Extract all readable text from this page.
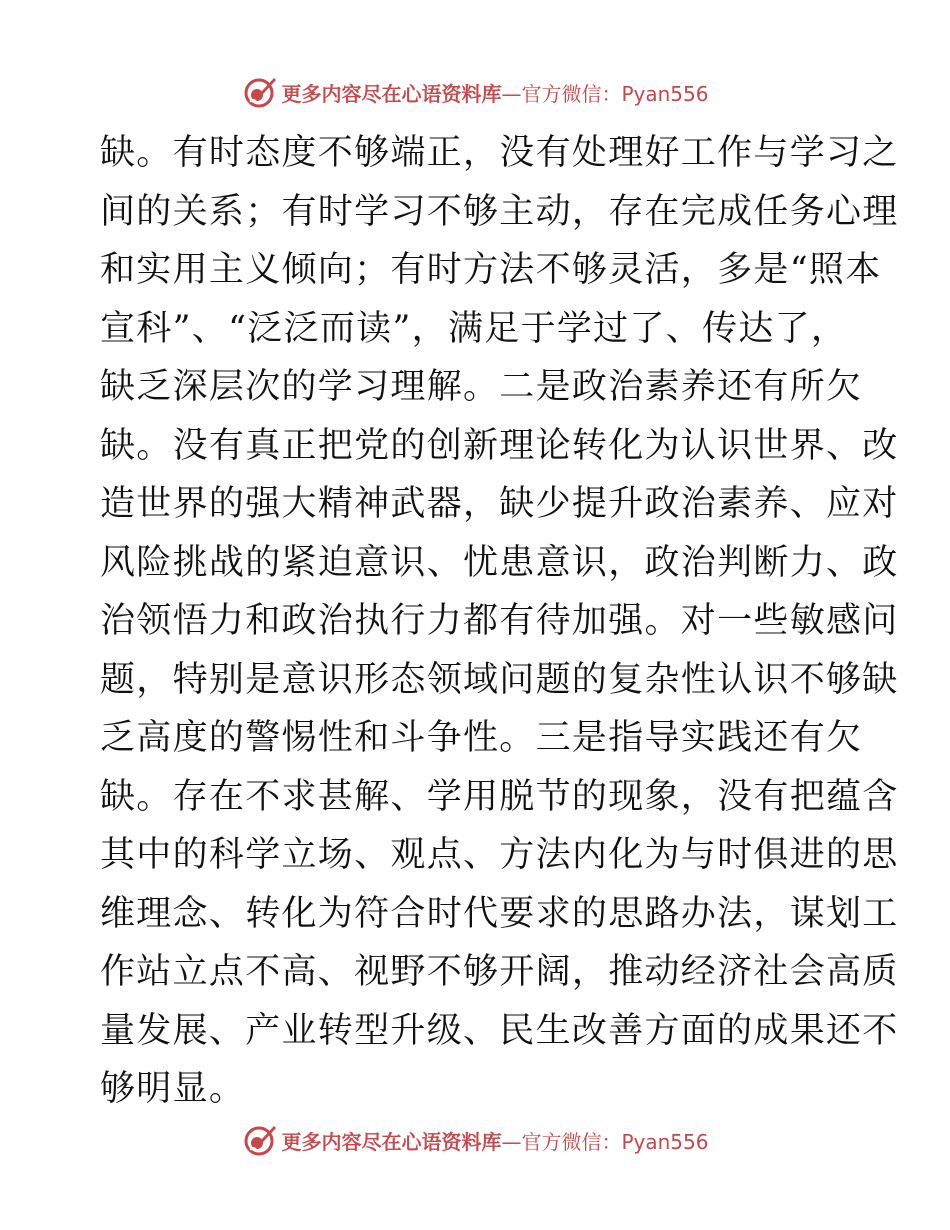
更多内容尽在心语资料库 —官方微信：Pyan556
缺。有时态度不够端正，没有处理好工作与学习之
间的关系；有时学习不够主动，存在完成任务心理
和实用主义倾向；有时方法不够灵活，多是“照本
宣科”、“泛泛而读”，满足于学过了、传达了，
缺乏深层次的学习理解。二是政治素养还有所欠
缺。没有真正把党的创新理论转化为认识世界、改
造世界的强大精神武器，缺少提升政治素养、应对
风险挑战的紧迫意识、忧患意识，政治判断力、政
治领悟力和政治执行力都有待加强。对一些敏感问
题，特别是意识形态领域问题的复杂性认识不够缺
乏高度的警惕性和斗争性。三是指导实践还有欠
缺。存在不求甚解、学用脱节的现象，没有把蕴含
其中的科学立场、观点、方法内化为与时俱进的思
维理念、转化为符合时代要求的思路办法，谋划工
作站立点不高、视野不够开阔，推动经济社会高质
量发展、产业转型升级、民生改善方面的成果还不
够明显。
更多内容尽在心语资料库 —官方微信：Pyan556
